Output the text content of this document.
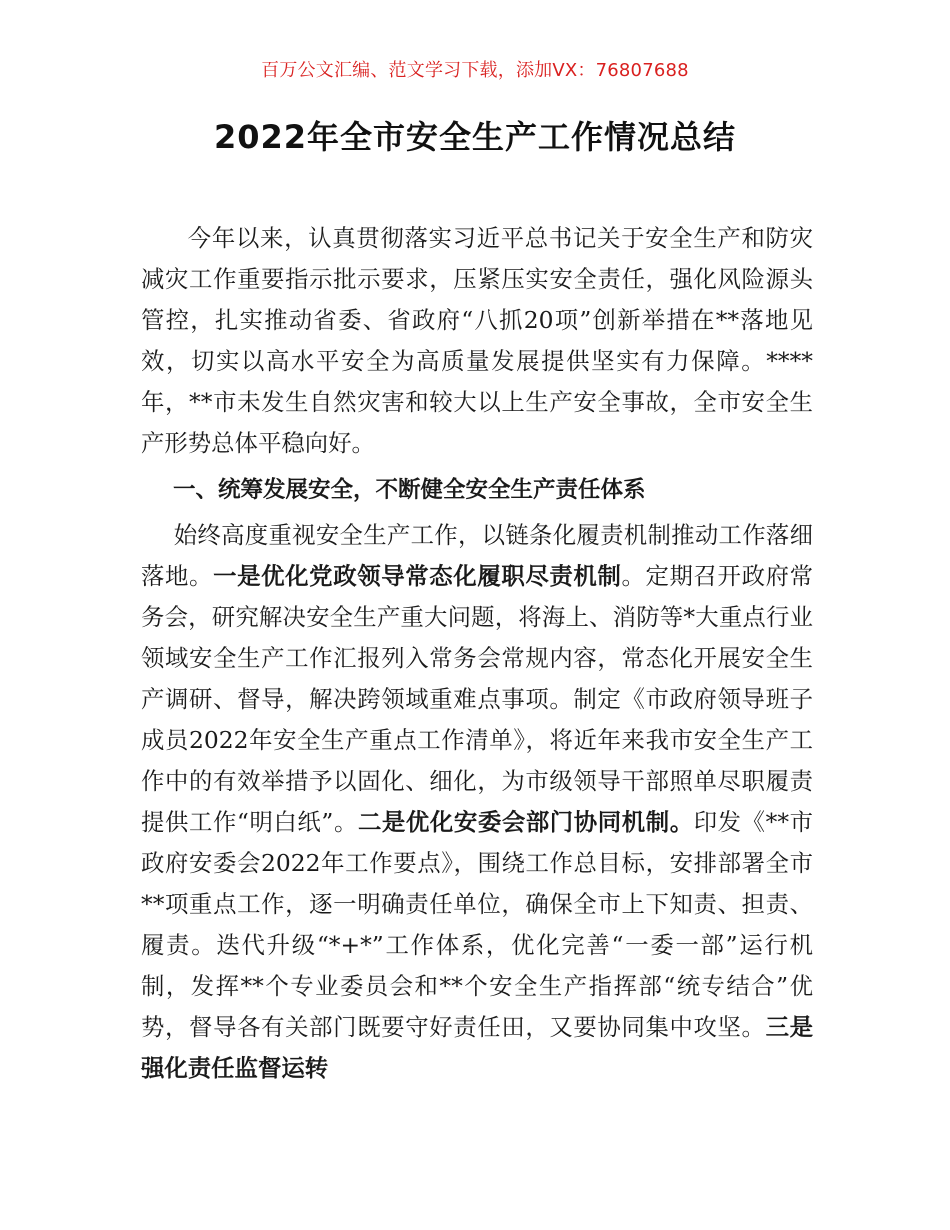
百万公文汇编、范文学习下载，添加VX：76807688
2022年全市安全生产工作情况总结

今年以来，认真贯彻落实习近平总书记关于安全生产和防灾减灾工作重要指示批示要求，压紧压实安全责任，强化风险源头管控，扎实推动省委、省政府“八抓20项”创新举措在**落地见效，切实以高水平安全为高质量发展提供坚实有力保障。****年，**市未发生自然灾害和较大以上生产安全事故，全市安全生产形势总体平稳向好。

一、统筹发展安全，不断健全安全生产责任体系

始终高度重视安全生产工作，以链条化履责机制推动工作落细落地。一是优化党政领导常态化履职尽责机制。定期召开政府常务会，研究解决安全生产重大问题，将海上、消防等*大重点行业领域安全生产工作汇报列入常务会常规内容，常态化开展安全生产调研、督导，解决跨领域重难点事项。制定《市政府领导班子成员2022年安全生产重点工作清单》，将近年来我市安全生产工作中的有效举措予以固化、细化，为市级领导干部照单尽职履责提供工作“明白纸”。二是优化安委会部门协同机制。印发《**市政府安委会2022年工作要点》，围绕工作总目标，安排部署全市**项重点工作，逐一明确责任单位，确保全市上下知责、担责、履责。迭代升级“*+*”工作体系，优化完善“一委一部”运行机制，发挥**个专业委员会和**个安全生产指挥部“统专结合”优势，督导各有关部门既要守好责任田，又要协同集中攻坚。三是强化责任监督运转
